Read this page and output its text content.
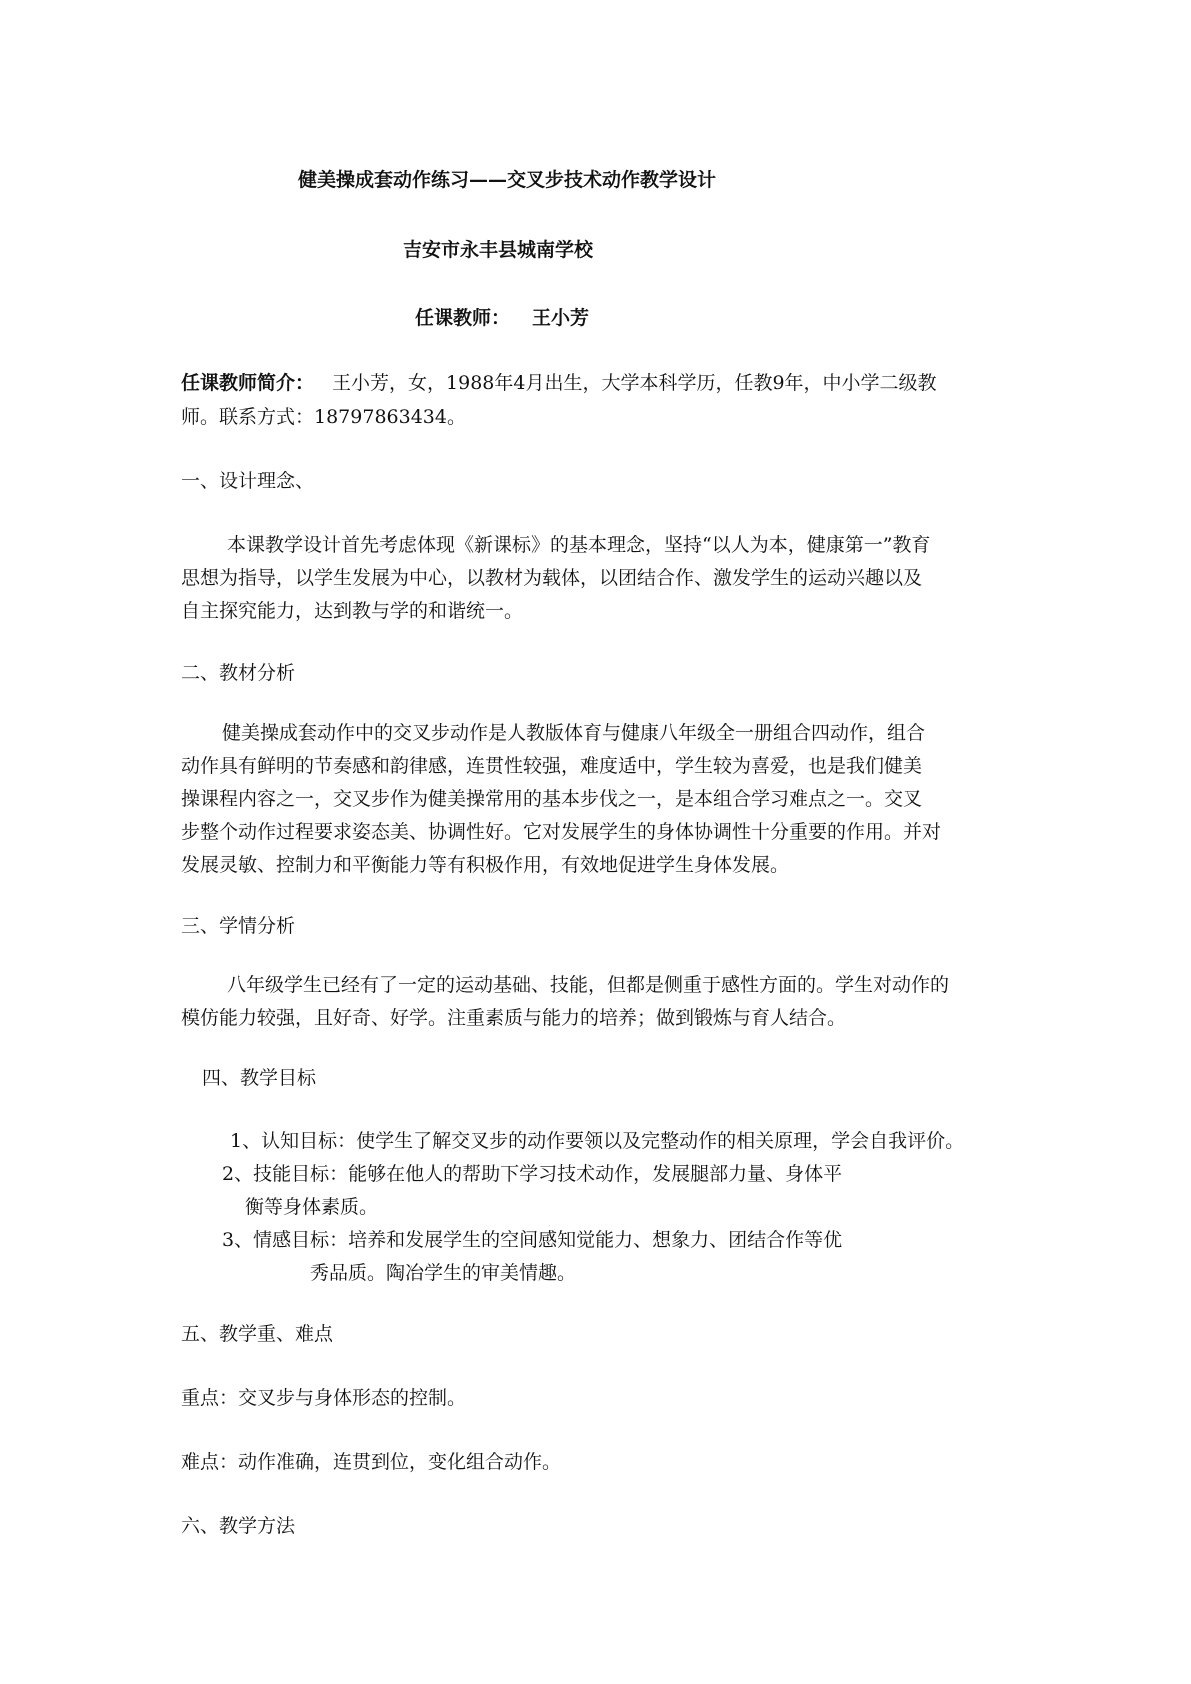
健美操成套动作练习——交叉步技术动作教学设计
吉安市永丰县城南学校
任课教师： 王小芳
任课教师简介： 王小芳，女，1988年4月出生，大学本科学历，任教9年，中小学二级教
师。联系方式：18797863434。
一、设计理念、
本课教学设计首先考虑体现《新课标》的基本理念，坚持“以人为本，健康第一”教育
思想为指导，以学生发展为中心，以教材为载体，以团结合作、激发学生的运动兴趣以及
自主探究能力，达到教与学的和谐统一。
二、教材分析
健美操成套动作中的交叉步动作是人教版体育与健康八年级全一册组合四动作，组合
动作具有鲜明的节奏感和韵律感，连贯性较强，难度适中，学生较为喜爱，也是我们健美
操课程内容之一，交叉步作为健美操常用的基本步伐之一，是本组合学习难点之一。交叉
步整个动作过程要求姿态美、协调性好。它对发展学生的身体协调性十分重要的作用。并对
发展灵敏、控制力和平衡能力等有积极作用，有效地促进学生身体发展。
三、学情分析
八年级学生已经有了一定的运动基础、技能，但都是侧重于感性方面的。学生对动作的
模仿能力较强，且好奇、好学。注重素质与能力的培养；做到锻炼与育人结合。
四、教学目标
1、认知目标：使学生了解交叉步的动作要领以及完整动作的相关原理，学会自我评价。
2、技能目标：能够在他人的帮助下学习技术动作，发展腿部力量、身体平
衡等身体素质。
3、情感目标：培养和发展学生的空间感知觉能力、想象力、团结合作等优
秀品质。陶冶学生的审美情趣。
五、教学重、难点
重点：交叉步与身体形态的控制。
难点：动作准确，连贯到位，变化组合动作。
六、教学方法
